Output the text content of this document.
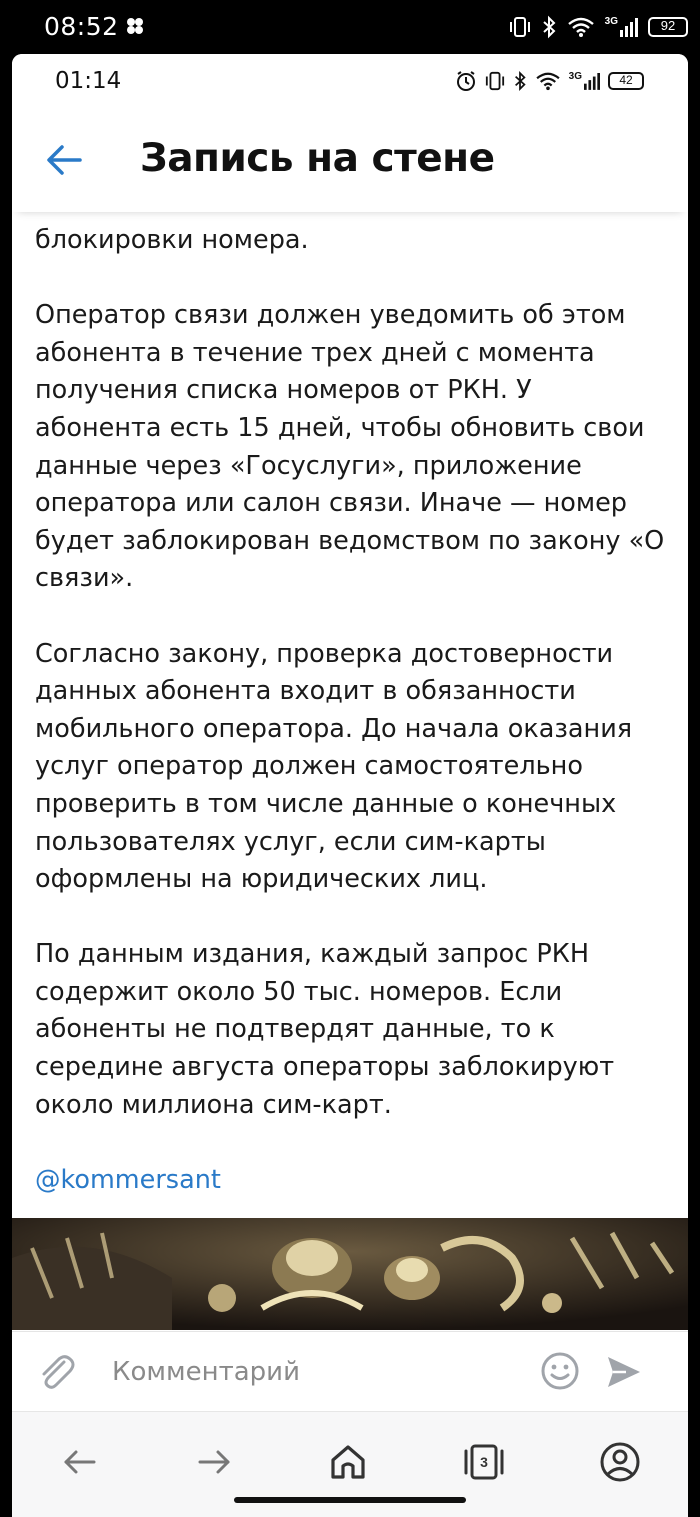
08:52	3G	92
01:14	3G	42
Запись на стене

блокировки номера.

Оператор связи должен уведомить об этом абонента в течение трех дней с момента получения списка номеров от РКН. У абонента есть 15 дней, чтобы обновить свои данные через «Госуслуги», приложение оператора или салон связи. Иначе — номер будет заблокирован ведомством по закону «О связи».

Согласно закону, проверка достоверности данных абонента входит в обязанности мобильного оператора. До начала оказания услуг оператор должен самостоятельно проверить в том числе данные о конечных пользователях услуг, если сим-карты оформлены на юридических лиц.

По данным издания, каждый запрос РКН содержит около 50 тыс. номеров. Если абоненты не подтвердят данные, то к середине августа операторы заблокируют около миллиона сим-карт.

@kommersant

Комментарий
3
